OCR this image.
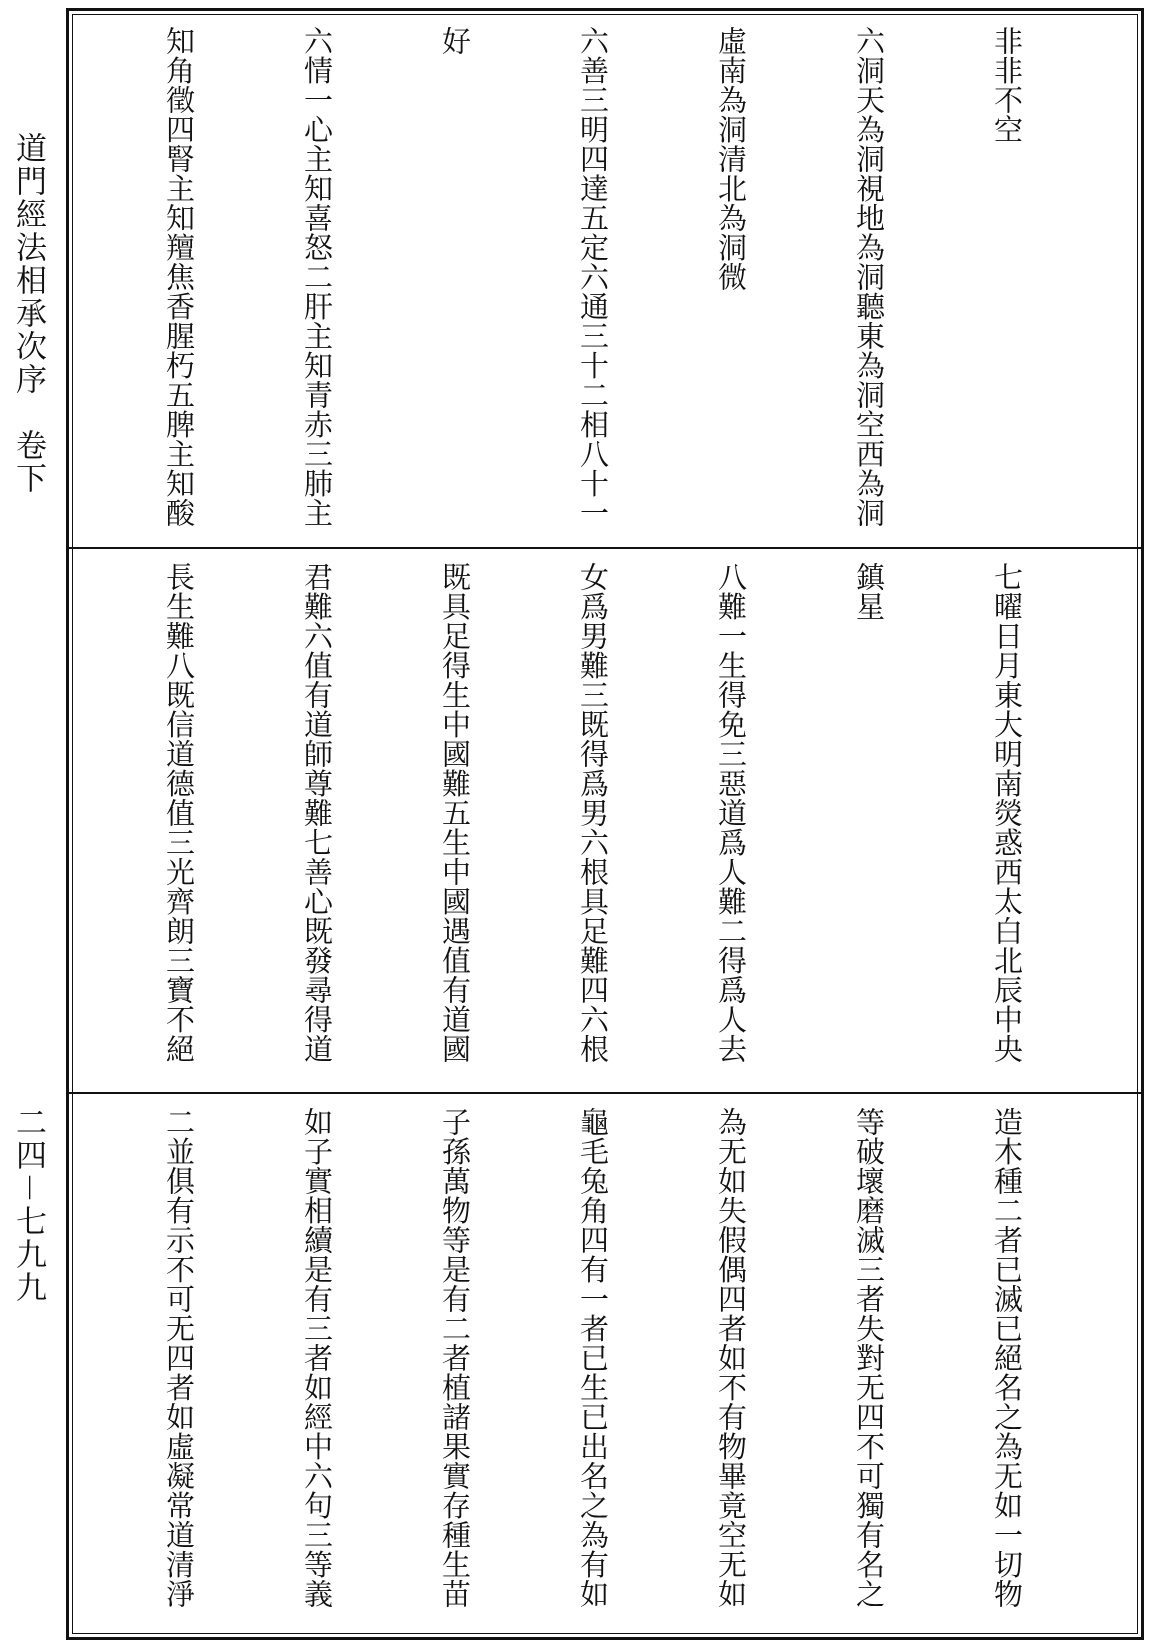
道門經法相承次序　卷下
二四－七九九

非非不空

六洞天為洞視地為洞聽東為洞空西為洞

虛南為洞清北為洞微

六善三明四達五定六通三十二相八十一

好

六情一心主知喜怒二肝主知青赤三肺主

知角徵四腎主知羶焦香腥朽五脾主知酸

七曜日月東大明南熒惑西太白北辰中央

鎮星

八難一生得免三惡道爲人難二得爲人去

女爲男難三既得爲男六根具足難四六根

既具足得生中國難五生中國遇值有道國

君難六值有道師尊難七善心既發尋得道

長生難八既信道德值三光齊朗三寶不絕

造木種二者已滅已絕名之為无如一切物

等破壞磨滅三者失對无四不可獨有名之

為无如失假偶四者如不有物畢竟空无如

龜毛兔角四有一者已生已出名之為有如

子孫萬物等是有二者植諸果實存種生苗

如子實相續是有三者如經中六句三等義

二並俱有示不可无四者如虛凝常道清淨
